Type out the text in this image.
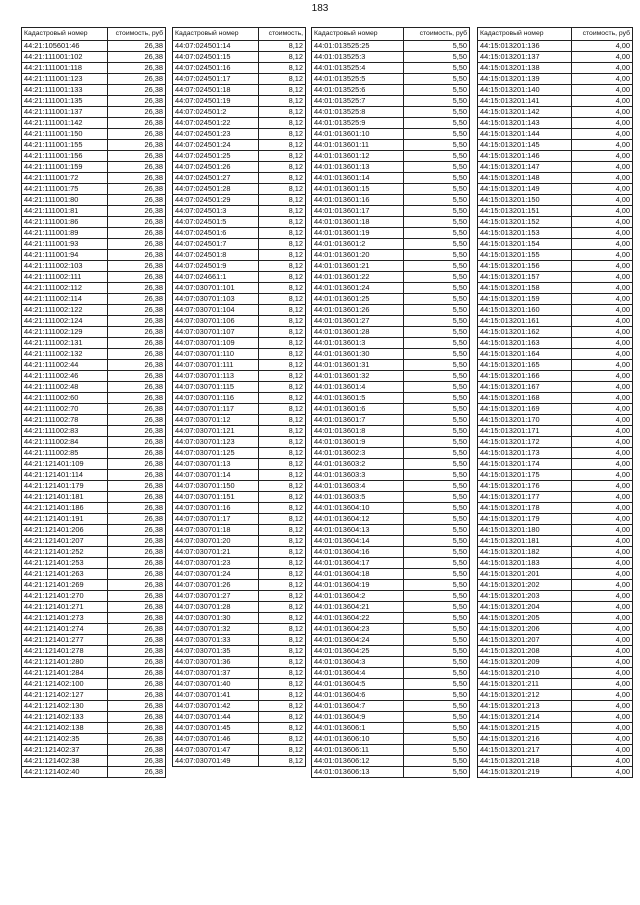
183
Кадастровый номер	стоимость, руб
44:21:105601:46	26,38
44:21:111001:102	26,38
44:21:111001:118	26,38
44:21:111001:123	26,38
44:21:111001:133	26,38
44:21:111001:135	26,38
44:21:111001:137	26,38
44:21:111001:142	26,38
44:21:111001:150	26,38
44:21:111001:155	26,38
44:21:111001:156	26,38
44:21:111001:159	26,38
44:21:111001:72	26,38
44:21:111001:75	26,38
44:21:111001:80	26,38
44:21:111001:81	26,38
44:21:111001:86	26,38
44:21:111001:89	26,38
44:21:111001:93	26,38
44:21:111001:94	26,38
44:21:111002:103	26,38
44:21:111002:111	26,38
44:21:111002:112	26,38
44:21:111002:114	26,38
44:21:111002:122	26,38
44:21:111002:124	26,38
44:21:111002:129	26,38
44:21:111002:131	26,38
44:21:111002:132	26,38
44:21:111002:44	26,38
44:21:111002:46	26,38
44:21:111002:48	26,38
44:21:111002:60	26,38
44:21:111002:70	26,38
44:21:111002:78	26,38
44:21:111002:83	26,38
44:21:111002:84	26,38
44:21:111002:85	26,38
44:21:121401:109	26,38
44:21:121401:114	26,38
44:21:121401:179	26,38
44:21:121401:181	26,38
44:21:121401:186	26,38
44:21:121401:191	26,38
44:21:121401:206	26,38
44:21:121401:207	26,38
44:21:121401:252	26,38
44:21:121401:253	26,38
44:21:121401:263	26,38
44:21:121401:269	26,38
44:21:121401:270	26,38
44:21:121401:271	26,38
44:21:121401:273	26,38
44:21:121401:274	26,38
44:21:121401:277	26,38
44:21:121401:278	26,38
44:21:121401:280	26,38
44:21:121401:284	26,38
44:21:121402:100	26,38
44:21:121402:127	26,38
44:21:121402:130	26,38
44:21:121402:133	26,38
44:21:121402:138	26,38
44:21:121402:35	26,38
44:21:121402:37	26,38
44:21:121402:38	26,38
44:21:121402:40	26,38
Кадастровый номер	стоимость,
44:07:024501:14	8,12
44:07:024501:15	8,12
44:07:024501:16	8,12
44:07:024501:17	8,12
44:07:024501:18	8,12
44:07:024501:19	8,12
44:07:024501:2	8,12
44:07:024501:22	8,12
44:07:024501:23	8,12
44:07:024501:24	8,12
44:07:024501:25	8,12
44:07:024501:26	8,12
44:07:024501:27	8,12
44:07:024501:28	8,12
44:07:024501:29	8,12
44:07:024501:3	8,12
44:07:024501:5	8,12
44:07:024501:6	8,12
44:07:024501:7	8,12
44:07:024501:8	8,12
44:07:024501:9	8,12
44:07:024661:1	8,12
44:07:030701:101	8,12
44:07:030701:103	8,12
44:07:030701:104	8,12
44:07:030701:106	8,12
44:07:030701:107	8,12
44:07:030701:109	8,12
44:07:030701:110	8,12
44:07:030701:111	8,12
44:07:030701:113	8,12
44:07:030701:115	8,12
44:07:030701:116	8,12
44:07:030701:117	8,12
44:07:030701:12	8,12
44:07:030701:121	8,12
44:07:030701:123	8,12
44:07:030701:125	8,12
44:07:030701:13	8,12
44:07:030701:14	8,12
44:07:030701:150	8,12
44:07:030701:151	8,12
44:07:030701:16	8,12
44:07:030701:17	8,12
44:07:030701:18	8,12
44:07:030701:20	8,12
44:07:030701:21	8,12
44:07:030701:23	8,12
44:07:030701:24	8,12
44:07:030701:26	8,12
44:07:030701:27	8,12
44:07:030701:28	8,12
44:07:030701:30	8,12
44:07:030701:32	8,12
44:07:030701:33	8,12
44:07:030701:35	8,12
44:07:030701:36	8,12
44:07:030701:37	8,12
44:07:030701:40	8,12
44:07:030701:41	8,12
44:07:030701:42	8,12
44:07:030701:44	8,12
44:07:030701:45	8,12
44:07:030701:46	8,12
44:07:030701:47	8,12
44:07:030701:49	8,12
Кадастровый номер	стоимость, руб
44:01:013525:25	5,50
44:01:013525:3	5,50
44:01:013525:4	5,50
44:01:013525:5	5,50
44:01:013525:6	5,50
44:01:013525:7	5,50
44:01:013525:8	5,50
44:01:013525:9	5,50
44:01:013601:10	5,50
44:01:013601:11	5,50
44:01:013601:12	5,50
44:01:013601:13	5,50
44:01:013601:14	5,50
44:01:013601:15	5,50
44:01:013601:16	5,50
44:01:013601:17	5,50
44:01:013601:18	5,50
44:01:013601:19	5,50
44:01:013601:2	5,50
44:01:013601:20	5,50
44:01:013601:21	5,50
44:01:013601:22	5,50
44:01:013601:24	5,50
44:01:013601:25	5,50
44:01:013601:26	5,50
44:01:013601:27	5,50
44:01:013601:28	5,50
44:01:013601:3	5,50
44:01:013601:30	5,50
44:01:013601:31	5,50
44:01:013601:32	5,50
44:01:013601:4	5,50
44:01:013601:5	5,50
44:01:013601:6	5,50
44:01:013601:7	5,50
44:01:013601:8	5,50
44:01:013601:9	5,50
44:01:013602:3	5,50
44:01:013603:2	5,50
44:01:013603:3	5,50
44:01:013603:4	5,50
44:01:013603:5	5,50
44:01:013604:10	5,50
44:01:013604:12	5,50
44:01:013604:13	5,50
44:01:013604:14	5,50
44:01:013604:16	5,50
44:01:013604:17	5,50
44:01:013604:18	5,50
44:01:013604:19	5,50
44:01:013604:2	5,50
44:01:013604:21	5,50
44:01:013604:22	5,50
44:01:013604:23	5,50
44:01:013604:24	5,50
44:01:013604:25	5,50
44:01:013604:3	5,50
44:01:013604:4	5,50
44:01:013604:5	5,50
44:01:013604:6	5,50
44:01:013604:7	5,50
44:01:013604:9	5,50
44:01:013606:1	5,50
44:01:013606:10	5,50
44:01:013606:11	5,50
44:01:013606:12	5,50
44:01:013606:13	5,50
Кадастровый номер	стоимость, руб
44:15:013201:136	4,00
44:15:013201:137	4,00
44:15:013201:138	4,00
44:15:013201:139	4,00
44:15:013201:140	4,00
44:15:013201:141	4,00
44:15:013201:142	4,00
44:15:013201:143	4,00
44:15:013201:144	4,00
44:15:013201:145	4,00
44:15:013201:146	4,00
44:15:013201:147	4,00
44:15:013201:148	4,00
44:15:013201:149	4,00
44:15:013201:150	4,00
44:15:013201:151	4,00
44:15:013201:152	4,00
44:15:013201:153	4,00
44:15:013201:154	4,00
44:15:013201:155	4,00
44:15:013201:156	4,00
44:15:013201:157	4,00
44:15:013201:158	4,00
44:15:013201:159	4,00
44:15:013201:160	4,00
44:15:013201:161	4,00
44:15:013201:162	4,00
44:15:013201:163	4,00
44:15:013201:164	4,00
44:15:013201:165	4,00
44:15:013201:166	4,00
44:15:013201:167	4,00
44:15:013201:168	4,00
44:15:013201:169	4,00
44:15:013201:170	4,00
44:15:013201:171	4,00
44:15:013201:172	4,00
44:15:013201:173	4,00
44:15:013201:174	4,00
44:15:013201:175	4,00
44:15:013201:176	4,00
44:15:013201:177	4,00
44:15:013201:178	4,00
44:15:013201:179	4,00
44:15:013201:180	4,00
44:15:013201:181	4,00
44:15:013201:182	4,00
44:15:013201:183	4,00
44:15:013201:201	4,00
44:15:013201:202	4,00
44:15:013201:203	4,00
44:15:013201:204	4,00
44:15:013201:205	4,00
44:15:013201:206	4,00
44:15:013201:207	4,00
44:15:013201:208	4,00
44:15:013201:209	4,00
44:15:013201:210	4,00
44:15:013201:211	4,00
44:15:013201:212	4,00
44:15:013201:213	4,00
44:15:013201:214	4,00
44:15:013201:215	4,00
44:15:013201:216	4,00
44:15:013201:217	4,00
44:15:013201:218	4,00
44:15:013201:219	4,00
